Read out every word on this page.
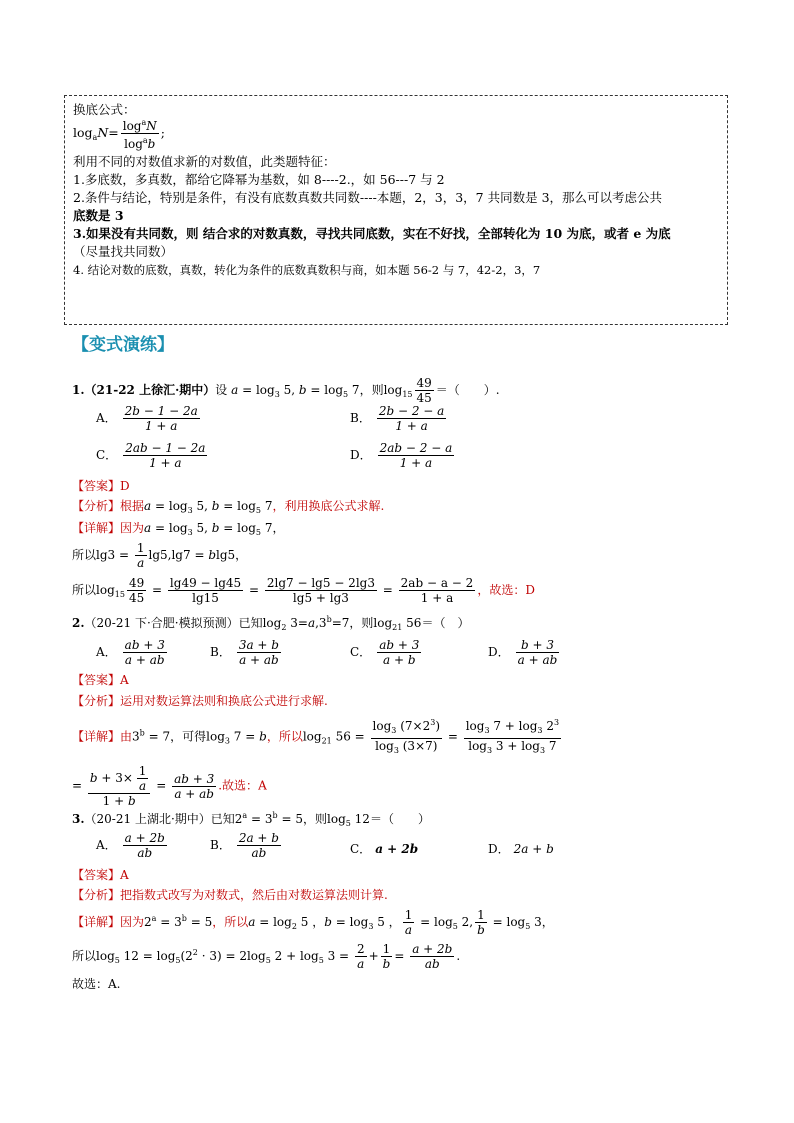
换底公式：
$\log_aN= \frac{\log^aN}{\log^ab}$ ;
利用不同的对数值求新的对数值，此类题特征：
1.多底数，多真数，都给它降幂为基数，如 8----2.，如 56---7 与 2
2.条件与结论，特别是条件，有没有底数真数共同数----本题，2，3，3，7 共同数是 3，那么可以考虑公共
底数是 3
3.如果没有共同数，则 结合求的对数真数，寻找共同底数，实在不好找，全部转化为 10 为底，或者 e 为底
（尽量找共同数）
4. 结论对数的底数，真数，转化为条件的底数真数积与商，如本题 56-2 与 7，42-2，3，7
【变式演练】
1.（21-22 上徐汇·期中）设 $a = \log_3 5$, $b = \log_5 7$，则$\log_{15} \frac{49}{45}$ ＝（　　）.
A． $\frac{2b - 1 - 2a}{1 + a}$	B． $\frac{2b - 2 - a}{1 + a}$
C． $\frac{2ab - 1 - 2a}{1 + a}$	D． $\frac{2ab - 2 - a}{1 + a}$
【答案】D
【分析】根据$a = \log_3 5$, $b = \log_5 7$，利用换底公式求解.
【详解】因为$a = \log_3 5$, $b = \log_5 7$，
所以$\lg 3 = \frac{1}{a} \lg 5,\lg 7 = blg5$，
所以$\log_{15} \frac{49}{45} = \frac{\lg 49 - \lg 45}{\lg 15} = \frac{2\lg 7 - \lg 5 - 2\lg 3}{\lg 5 + \lg 3} = \frac{2ab - a - 2}{1 + a}$ ，故选：D
2.（20-21 下·合肥·模拟预测）已知$\log_2 3=a,3^b=7$，则$\log_{21} 56=$（　）
A． $\frac{ab + 3}{a + ab}$	B． $\frac{3a + b}{a + ab}$	C． $\frac{ab + 3}{a + b}$	D． $\frac{b + 3}{a + ab}$
【答案】A
【分析】运用对数运算法则和换底公式进行求解.
【详解】由$3^b = 7$，可得$\log_3 7 = b$，所以$\log_{21} 56 = \frac{\log_3 (7\times 2^3)}{\log_3 (3\times 7)} = \frac{\log_3 7 + \log_3 2^3}{\log_3 3 + \log_3 7}$
= $\frac{b + 3\times \frac{1}{a}}{1 + b} = \frac{ab + 3}{a + ab}$ .故选：A
3.（20-21 上湖北·期中）已知$2^a = 3^b = 5$，则$\log_5 12=$（　　）
A． $\frac{a + 2b}{ab}$	B． $\frac{2a + b}{ab}$	C． a + 2b	D． 2a + b
【答案】A
【分析】把指数式改写为对数式，然后由对数运算法则计算.
【详解】因为$2^a = 3^b = 5$，所以$a = \log_2 5$ ，$b = \log_3 5$ ， $\frac{1}{a} = \log_5 2$, $\frac{1}{b} = \log_5 3$，
所以$\log_5 12 = \log_5(2^2 \cdot 3) = 2\log_5$ $2 + \log_5 3 = \frac{2}{a} + \frac{1}{b} = \frac{a + 2b}{ab}$ .
故选：A.
